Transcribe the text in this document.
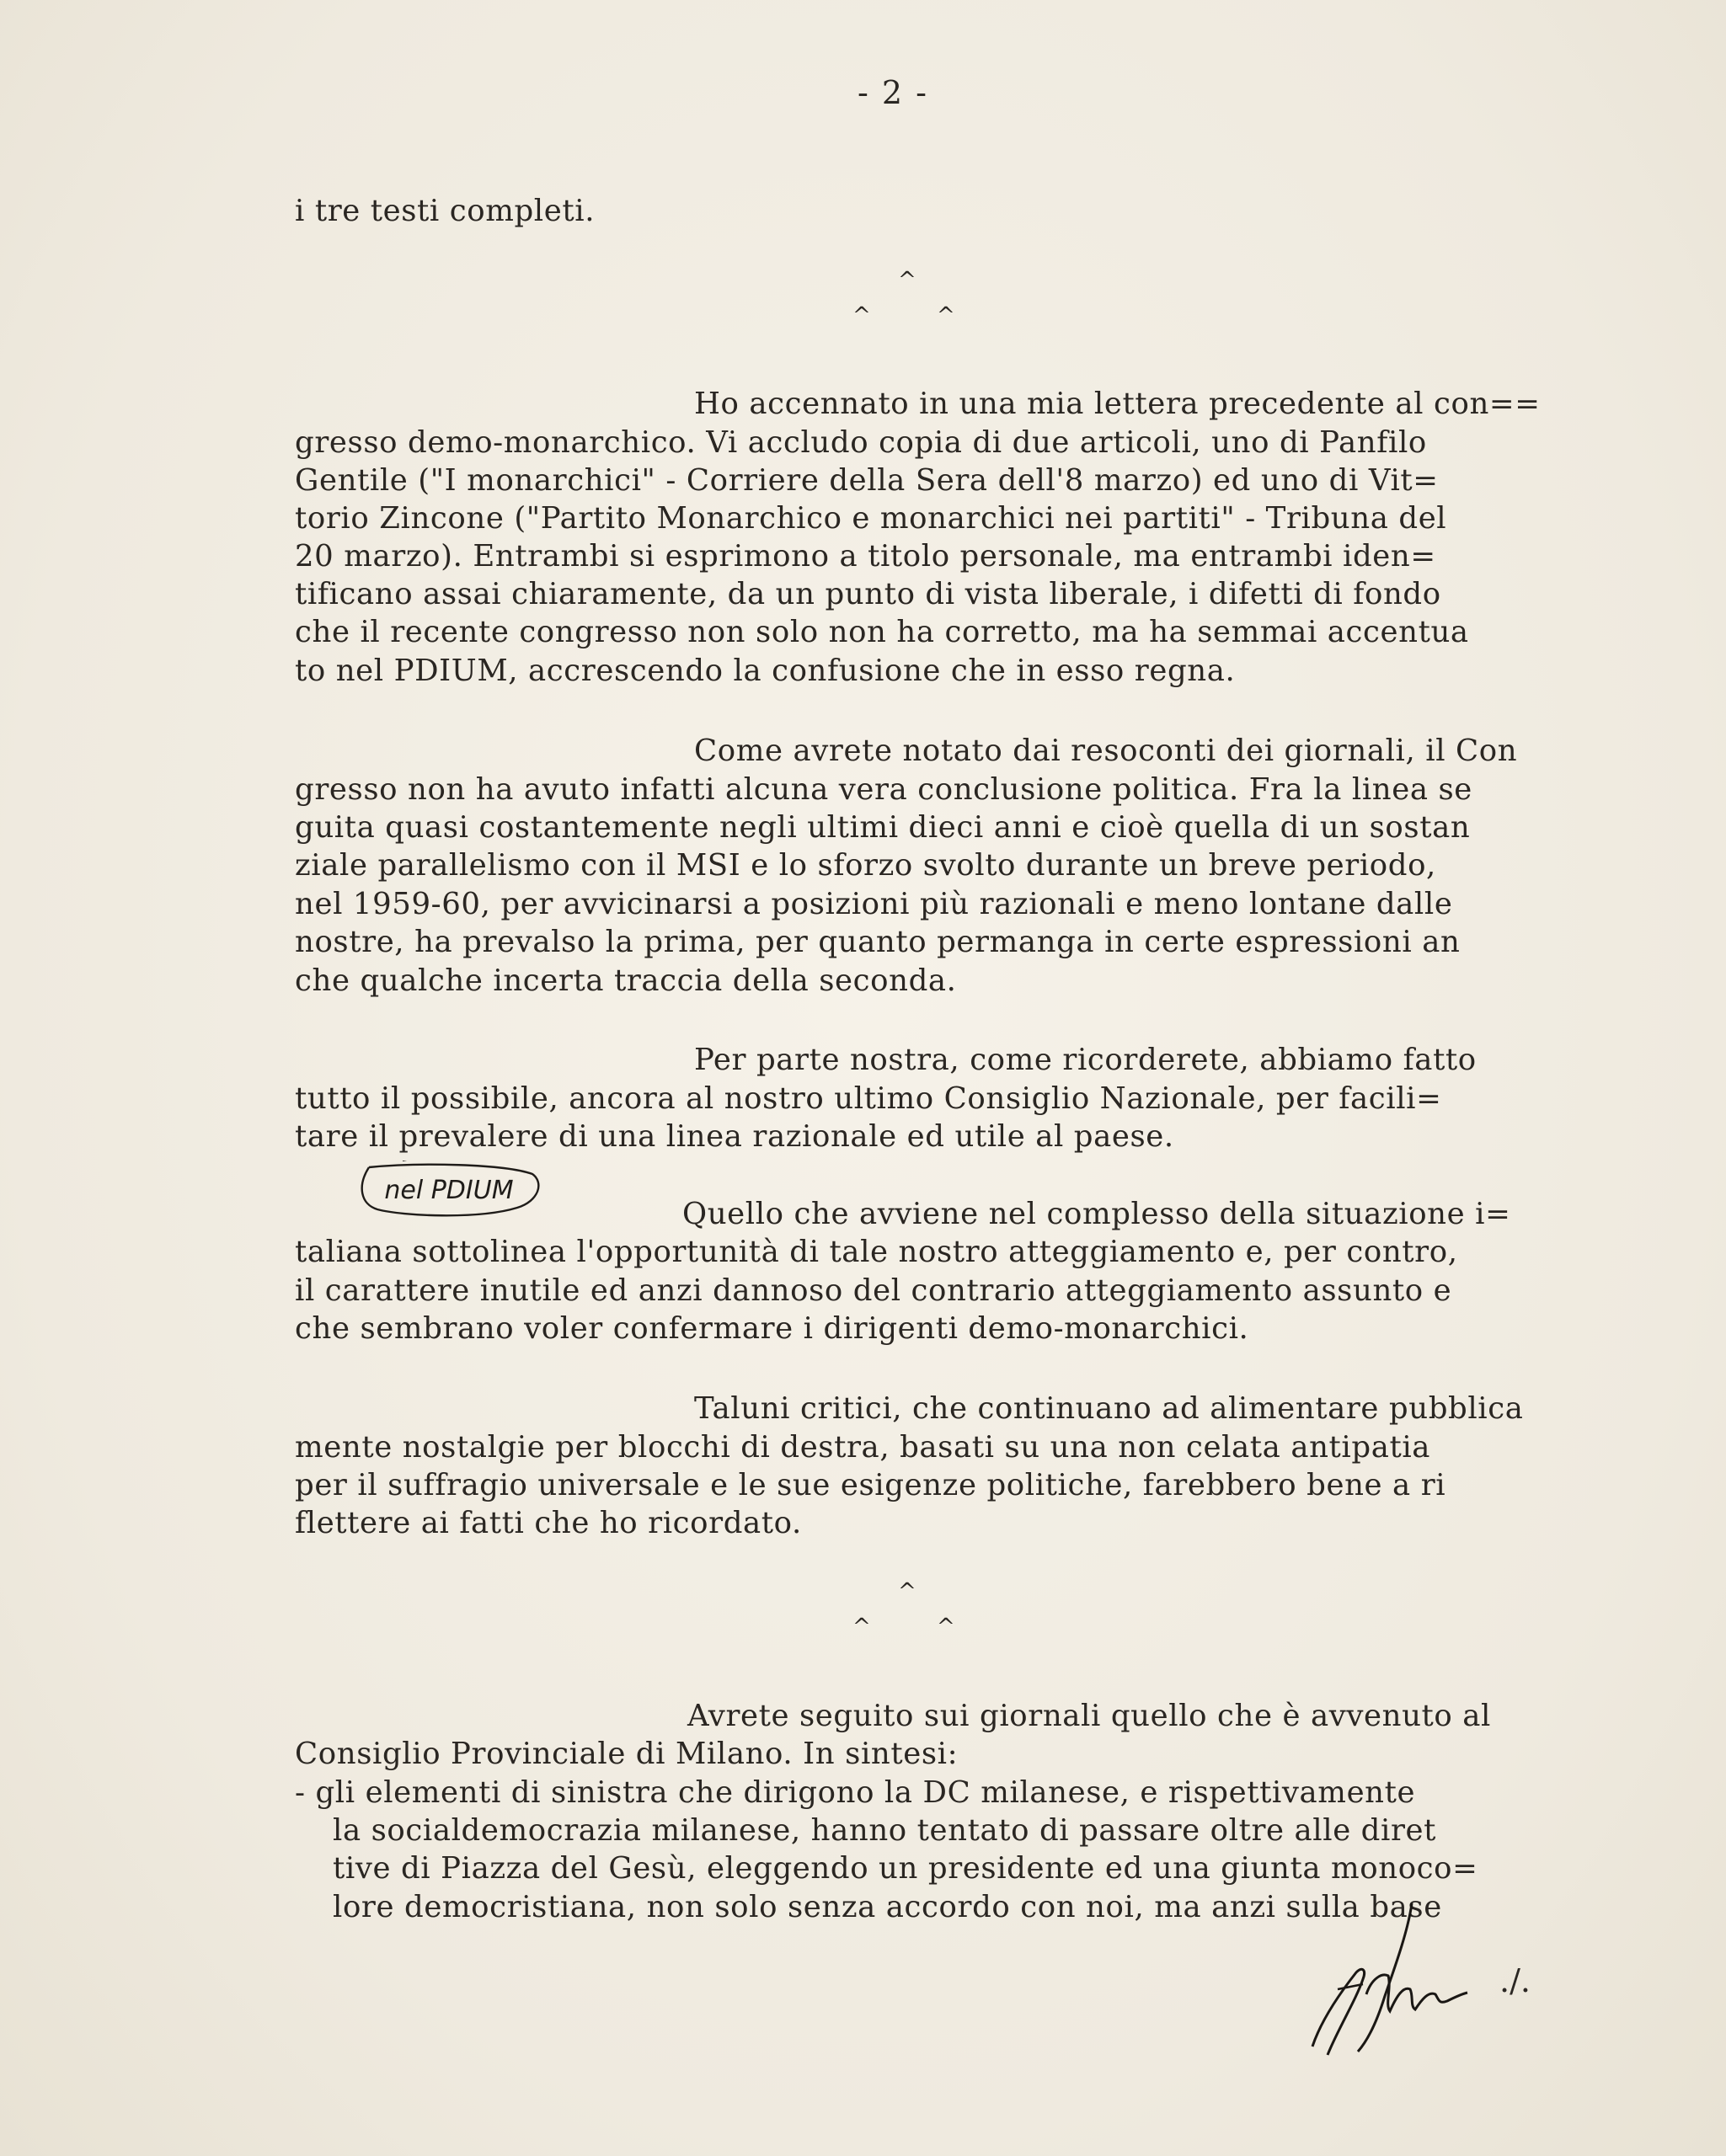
- 2 -
i tre testi completi.
^
^	^
Ho accennato in una mia lettera precedente al con==
gresso demo-monarchico. Vi accludo copia di due articoli, uno di Panfilo
Gentile ("I monarchici" - Corriere della Sera dell'8 marzo) ed uno di Vit=
torio Zincone ("Partito Monarchico e monarchici nei partiti" - Tribuna del
20 marzo). Entrambi si esprimono a titolo personale, ma entrambi iden=
tificano assai chiaramente, da un punto di vista liberale, i difetti di fondo
che il recente congresso non solo non ha corretto, ma ha semmai accentua
to nel PDIUM, accrescendo la confusione che in esso regna.
Come avrete notato dai resoconti dei giornali, il Con
gresso non ha avuto infatti alcuna vera conclusione politica. Fra la linea se
guita quasi costantemente negli ultimi dieci anni e cioè quella di un sostan
ziale parallelismo con il MSI e lo sforzo svolto durante un breve periodo,
nel 1959-60, per avvicinarsi a posizioni più razionali e meno lontane dalle
nostre, ha prevalso la prima, per quanto permanga in certe espressioni an
che qualche incerta traccia della seconda.
Per parte nostra, come ricorderete, abbiamo fatto
tutto il possibile, ancora al nostro ultimo Consiglio Nazionale, per facili=
tare il prevalere di una linea razionale ed utile al paese.
nel PDIUM
Quello che avviene nel complesso della situazione i=
taliana sottolinea l'opportunità di tale nostro atteggiamento e, per contro,
il carattere inutile ed anzi dannoso del contrario atteggiamento assunto e
che sembrano voler confermare i dirigenti demo-monarchici.
Taluni critici, che continuano ad alimentare pubblica
mente nostalgie per blocchi di destra, basati su una non celata antipatia
per il suffragio universale e le sue esigenze politiche, farebbero bene a ri
flettere ai fatti che ho ricordato.
^
^	^
Avrete seguito sui giornali quello che è avvenuto al
Consiglio Provinciale di Milano. In sintesi:
- gli elementi di sinistra che dirigono la DC milanese, e rispettivamente
la socialdemocrazia milanese, hanno tentato di passare oltre alle diret
tive di Piazza del Gesù, eleggendo un presidente ed una giunta monoco=
lore democristiana, non solo senza accordo con noi, ma anzi sulla base
./.
